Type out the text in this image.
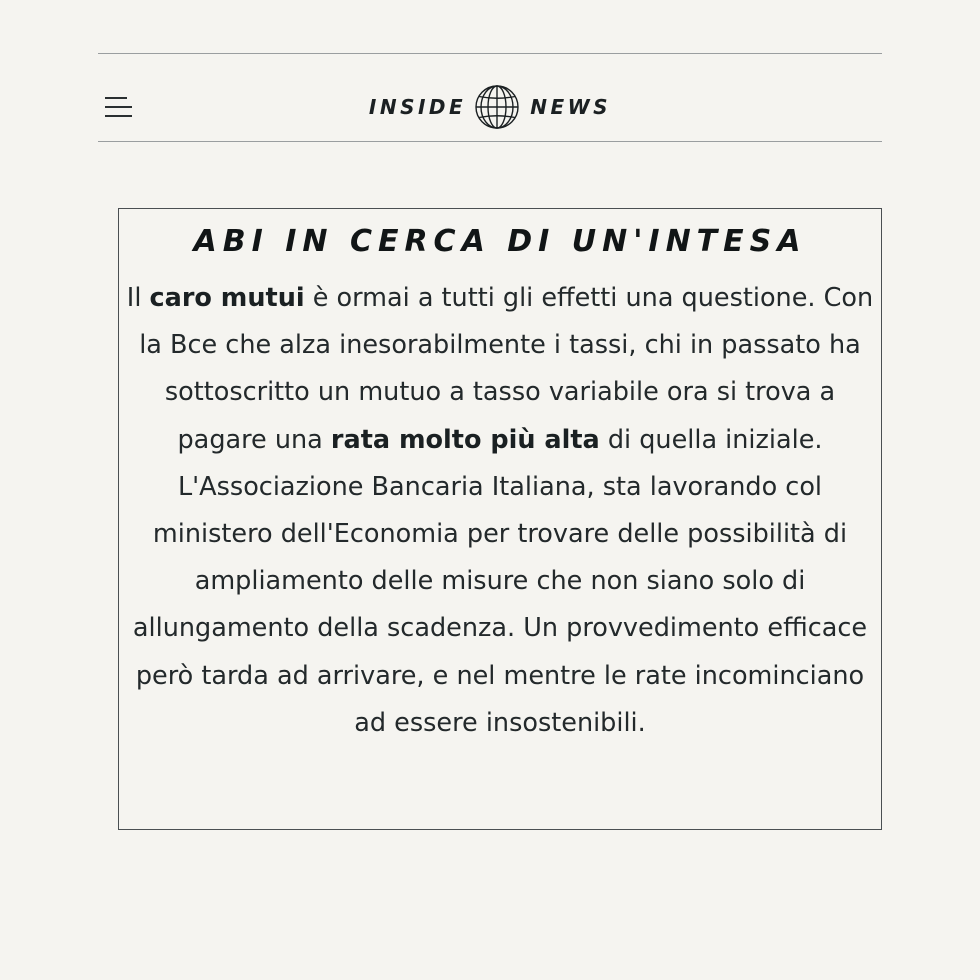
INSIDE	NEWS
ABI IN CERCA DI UN'INTESA

Il caro mutui è ormai a tutti gli effetti una questione. Con la Bce che alza inesorabilmente i tassi, chi in passato ha sottoscritto un mutuo a tasso variabile ora si trova a pagare una rata molto più alta di quella iniziale.

L'Associazione Bancaria Italiana, sta lavorando col ministero dell'Economia per trovare delle possibilità di ampliamento delle misure che non siano solo di allungamento della scadenza. Un provvedimento efficace però tarda ad arrivare, e nel mentre le rate incominciano ad essere insostenibili.
